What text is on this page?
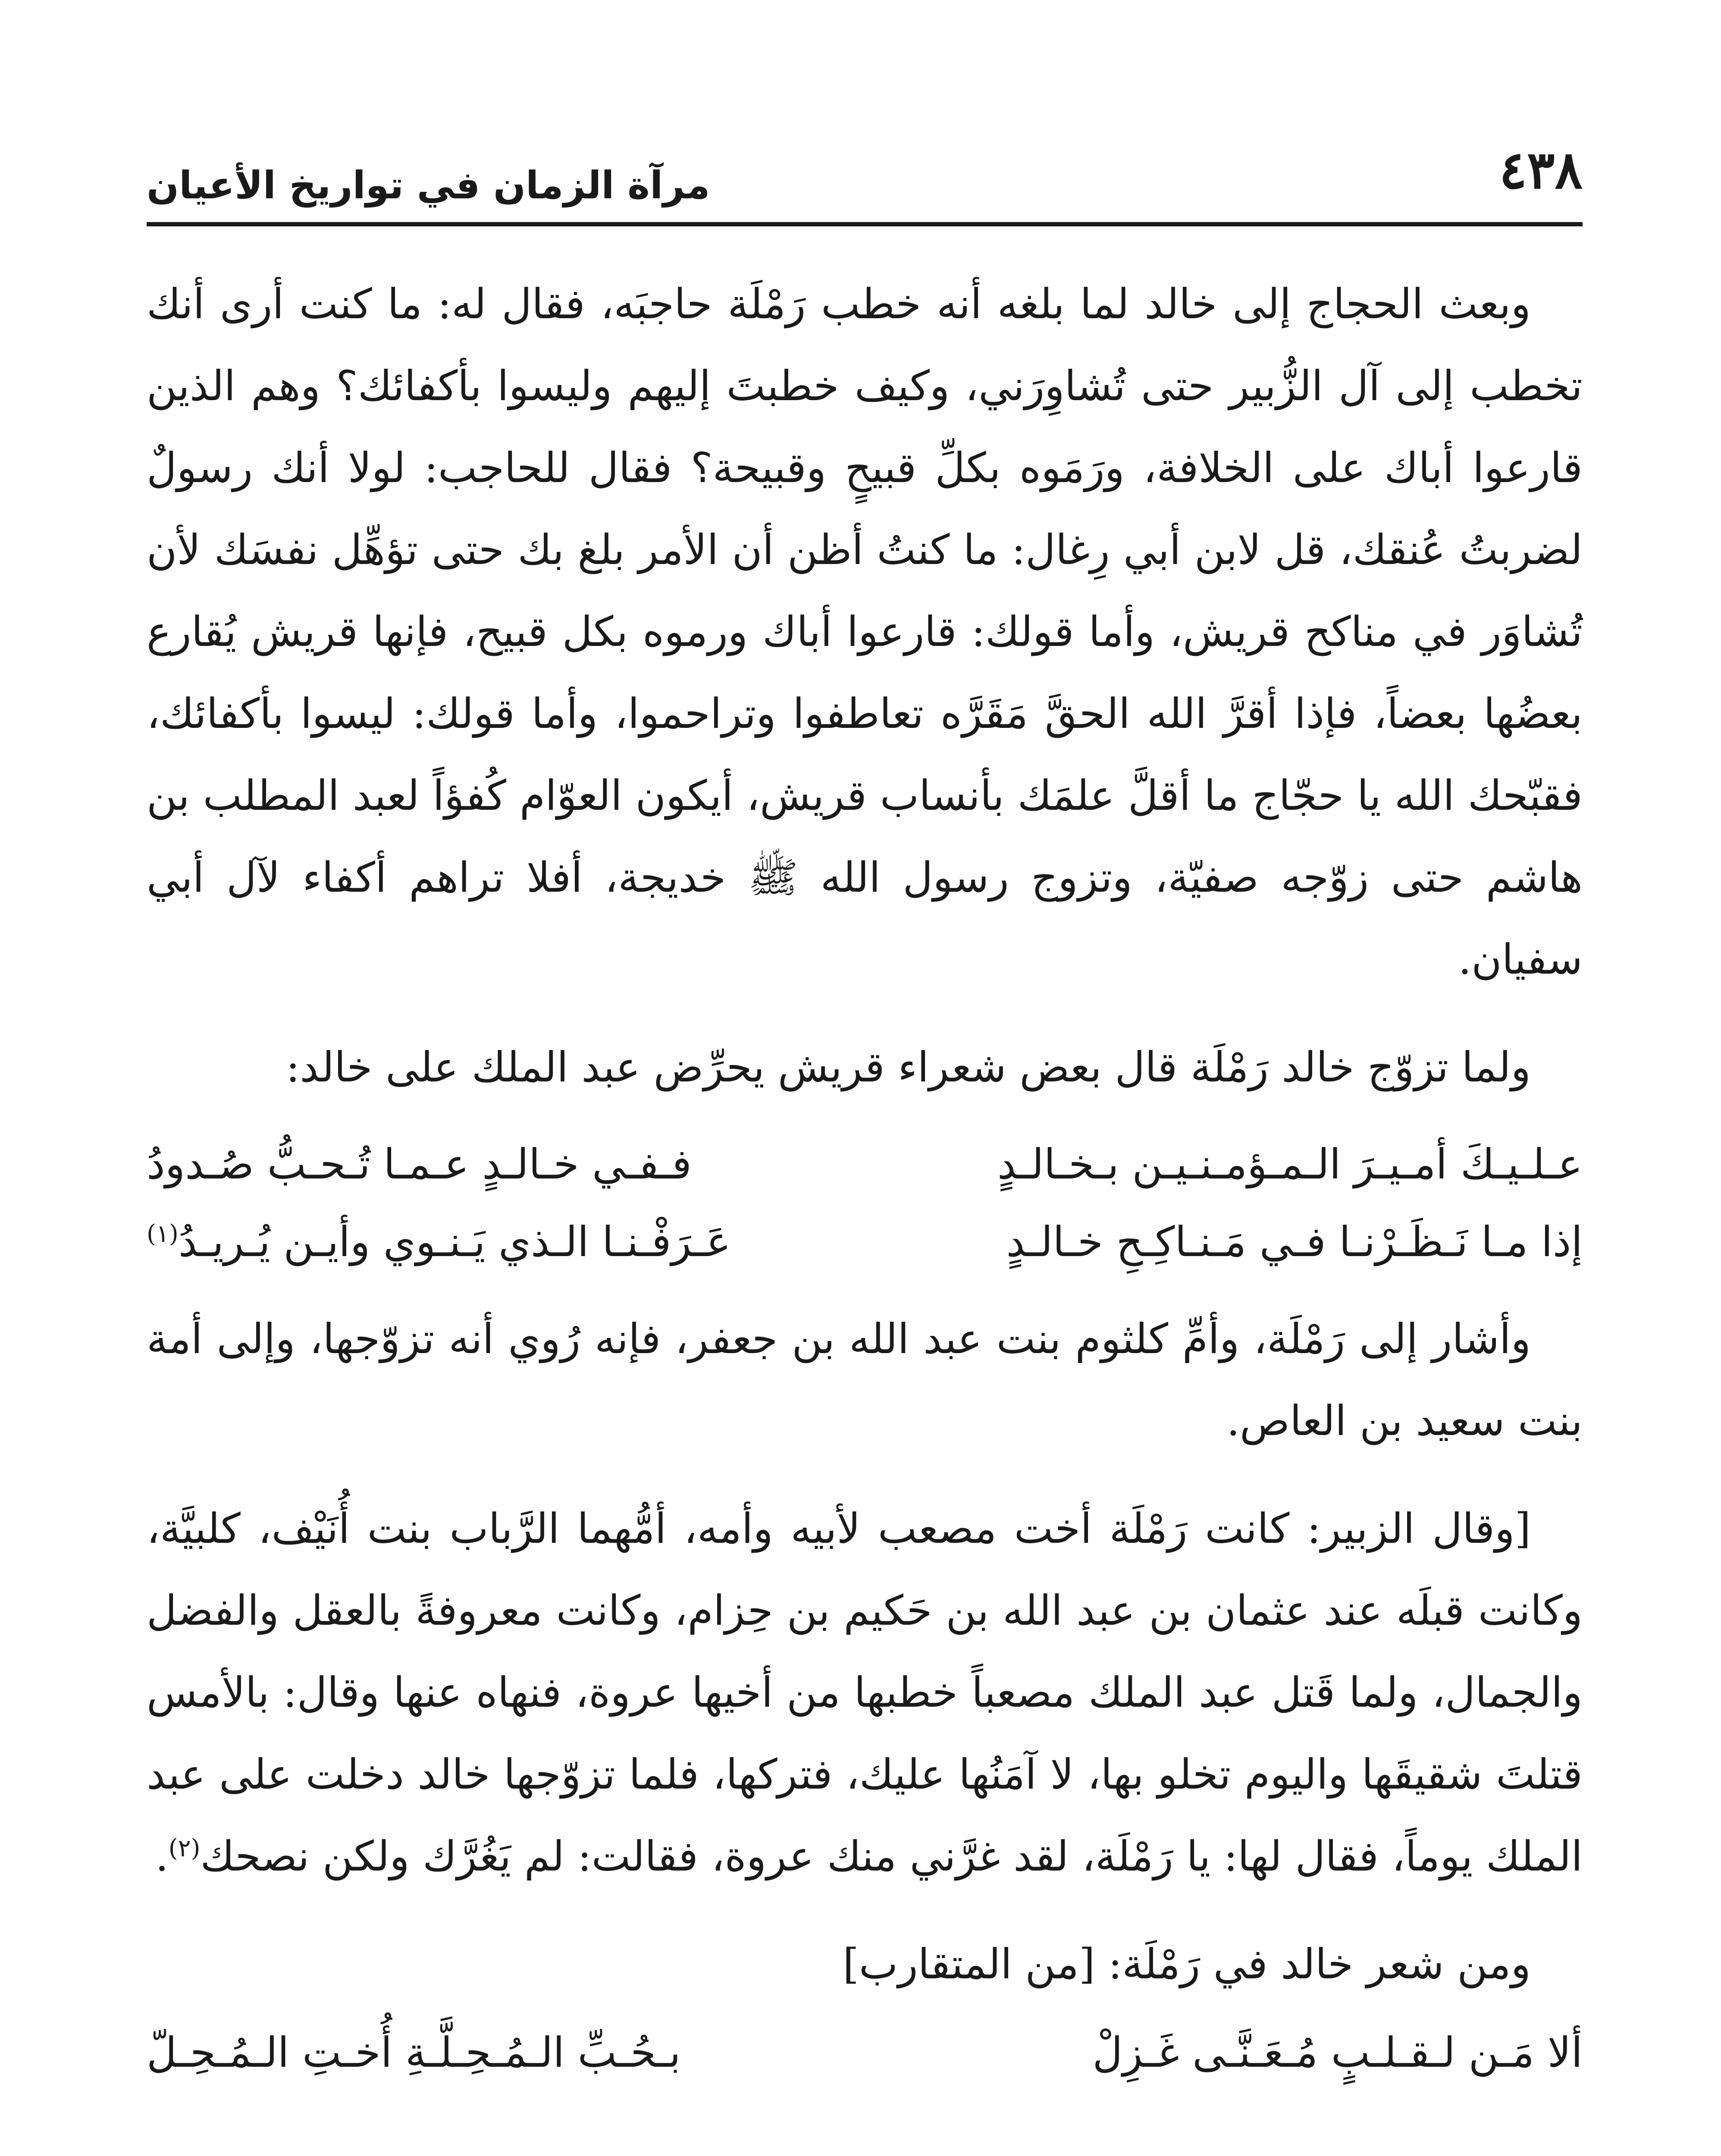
٤٣٨
مرآة الزمان في تواريخ الأعيان

وبعث الحجاج إلى خالد لما بلغه أنه خطب رَمْلَة حاجبَه، فقال له: ما كنت أرى أنك تخطب إلى آل الزُّبير حتى تُشاوِرَني، وكيف خطبتَ إليهم وليسوا بأكفائك؟ وهم الذين قارعوا أباك على الخلافة، ورَمَوه بكلِّ قبيحٍ وقبيحة؟ فقال للحاجب: لولا أنك رسولٌ لضربتُ عُنقك، قل لابن أبي رِغال: ما كنتُ أظن أن الأمر بلغ بك حتى تؤهِّل نفسَك لأن تُشاوَر في مناكح قريش، وأما قولك: قارعوا أباك ورموه بكل قبيح، فإنها قريش يُقارع بعضُها بعضاً، فإذا أقرَّ الله الحقَّ مَقَرَّه تعاطفوا وتراحموا، وأما قولك: ليسوا بأكفائك، فقبّحك الله يا حجّاج ما أقلَّ علمَك بأنساب قريش، أيكون العوّام كُفؤاً لعبد المطلب بن هاشم حتى زوّجه صفيّة، وتزوج رسول الله ﷺ خديجة، أفلا تراهم أكفاء لآل أبي سفيان.

ولما تزوّج خالد رَمْلَة قال بعض شعراء قريش يحرِّض عبد الملك على خالد:

عـلـيـكَ أمـيـرَ الـمـؤمـنـيـن بـخـالـدٍ
فـفـي خـالـدٍ عـمـا تُـحـبُّ صُـدودُ
إذا مـا نَـظَـرْنـا فـي مَـنـاكِـحِ خـالـدٍ
عَـرَفْـنـا الـذي يَـنـوي وأيـن يُـريـدُ$^{(١)}$

وأشار إلى رَمْلَة، وأمِّ كلثوم بنت عبد الله بن جعفر، فإنه رُوي أنه تزوّجها، وإلى أمة بنت سعيد بن العاص.

[وقال الزبير: كانت رَمْلَة أخت مصعب لأبيه وأمه، أمُّهما الرَّباب بنت أُنَيْف، كلبيَّة، وكانت قبلَه عند عثمان بن عبد الله بن حَكيم بن حِزام، وكانت معروفةً بالعقل والفضل والجمال، ولما قَتل عبد الملك مصعباً خطبها من أخيها عروة، فنهاه عنها وقال: بالأمس قتلتَ شقيقَها واليوم تخلو بها، لا آمَنُها عليك، فتركها، فلما تزوّجها خالد دخلت على عبد الملك يوماً، فقال لها: يا رَمْلَة، لقد غرَّني منك عروة، فقالت: لم يَغُرَّك ولكن نصحك$^{(٢)}$.

ومن شعر خالد في رَمْلَة: [من المتقارب]

ألا مَـن لـقـلـبٍ مُـعَـنَّـى غَـزِلْ
بـحُـبِّ الـمُـحِـلَّـةِ أُخـتِ الـمُـحِـلّ
